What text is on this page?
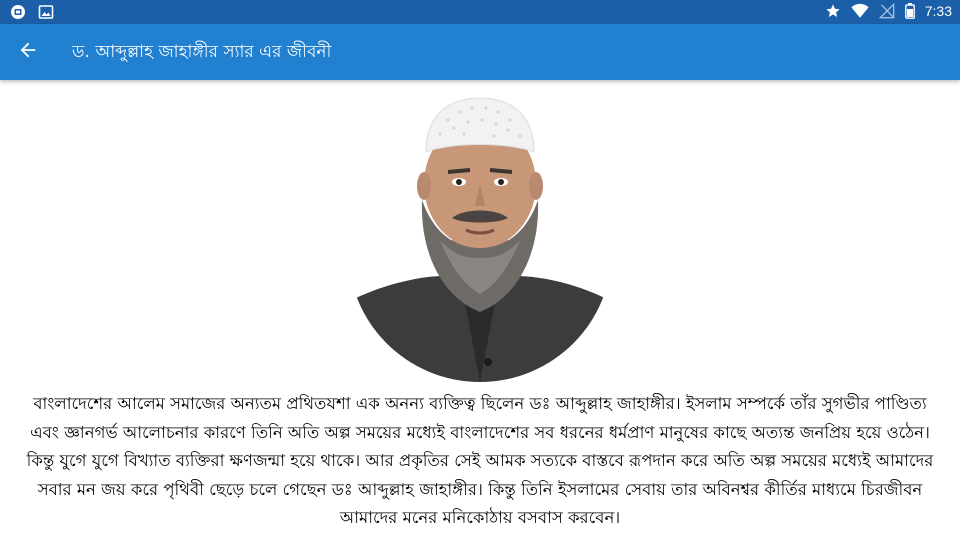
7:33
ড. আব্দুল্লাহ জাহাঙ্গীর স্যার এর জীবনী
বাংলাদেশের আলেম সমাজের অন্যতম প্রথিতযশা এক অনন্য ব্যক্তিত্ব ছিলেন ডঃ আব্দুল্লাহ জাহাঙ্গীর। ইসলাম সম্পর্কে তাঁর সুগভীর পাণ্ডিত্য এবং জ্ঞানগর্ভ আলোচনার কারণে তিনি অতি অল্প সময়ের মধ্যেই বাংলাদেশের সব ধরনের ধর্মপ্রাণ মানুষের কাছে অত্যন্ত জনপ্রিয় হয়ে ওঠেন। কিন্তু যুগে যুগে বিখ্যাত ব্যক্তিরা ক্ষণজন্মা হয়ে থাকে। আর প্রকৃতির সেই আমক সত্যকে বাস্তবে রূপদান করে অতি অল্প সময়ের মধ্যেই আমাদের সবার মন জয় করে পৃথিবী ছেড়ে চলে গেছেন ডঃ আব্দুল্লাহ জাহাঙ্গীর। কিন্তু তিনি ইসলামের সেবায় তার অবিনশ্বর কীর্তির মাধ্যমে চিরজীবন আমাদের মনের মনিকোঠায় বসবাস করবেন।
